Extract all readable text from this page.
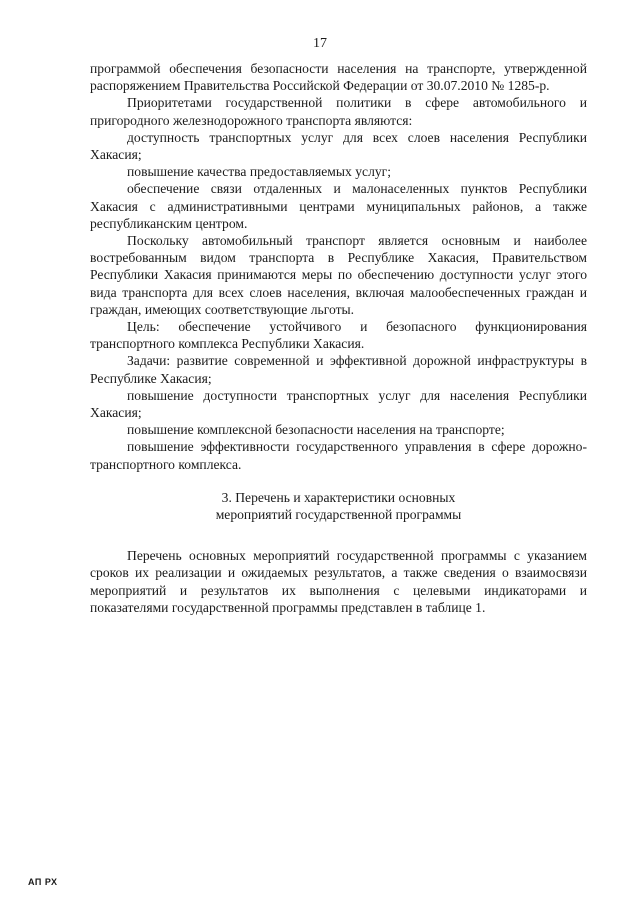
17

программой обеспечения безопасности населения на транспорте, утвержденной распоряжением Правительства Российской Федерации от 30.07.2010 № 1285-р.

Приоритетами государственной политики в сфере автомобильного и пригородного железнодорожного транспорта являются:

доступность транспортных услуг для всех слоев населения Республики Хакасия;

повышение качества предоставляемых услуг;

обеспечение связи отдаленных и малонаселенных пунктов Республики Хакасия с административными центрами муниципальных районов, а также республиканским центром.

Поскольку автомобильный транспорт является основным и наиболее востребованным видом транспорта в Республике Хакасия, Правительством Республики Хакасия принимаются меры по обеспечению доступности услуг этого вида транспорта для всех слоев населения, включая малообеспеченных граждан и граждан, имеющих соответствующие льготы.

Цель: обеспечение устойчивого и безопасного функционирования транспортного комплекса Республики Хакасия.

Задачи: развитие современной и эффективной дорожной инфраструктуры в Республике Хакасия;

повышение доступности транспортных услуг для населения Республики Хакасия;

повышение комплексной безопасности населения на транспорте;

повышение эффективности государственного управления в сфере дорожно-транспортного комплекса.

3. Перечень и характеристики основных
мероприятий государственной программы

Перечень основных мероприятий государственной программы с указанием сроков их реализации и ожидаемых результатов, а также сведения о взаимосвязи мероприятий и результатов их выполнения с целевыми индикаторами и показателями государственной программы представлен в таблице 1.

АП РХ
